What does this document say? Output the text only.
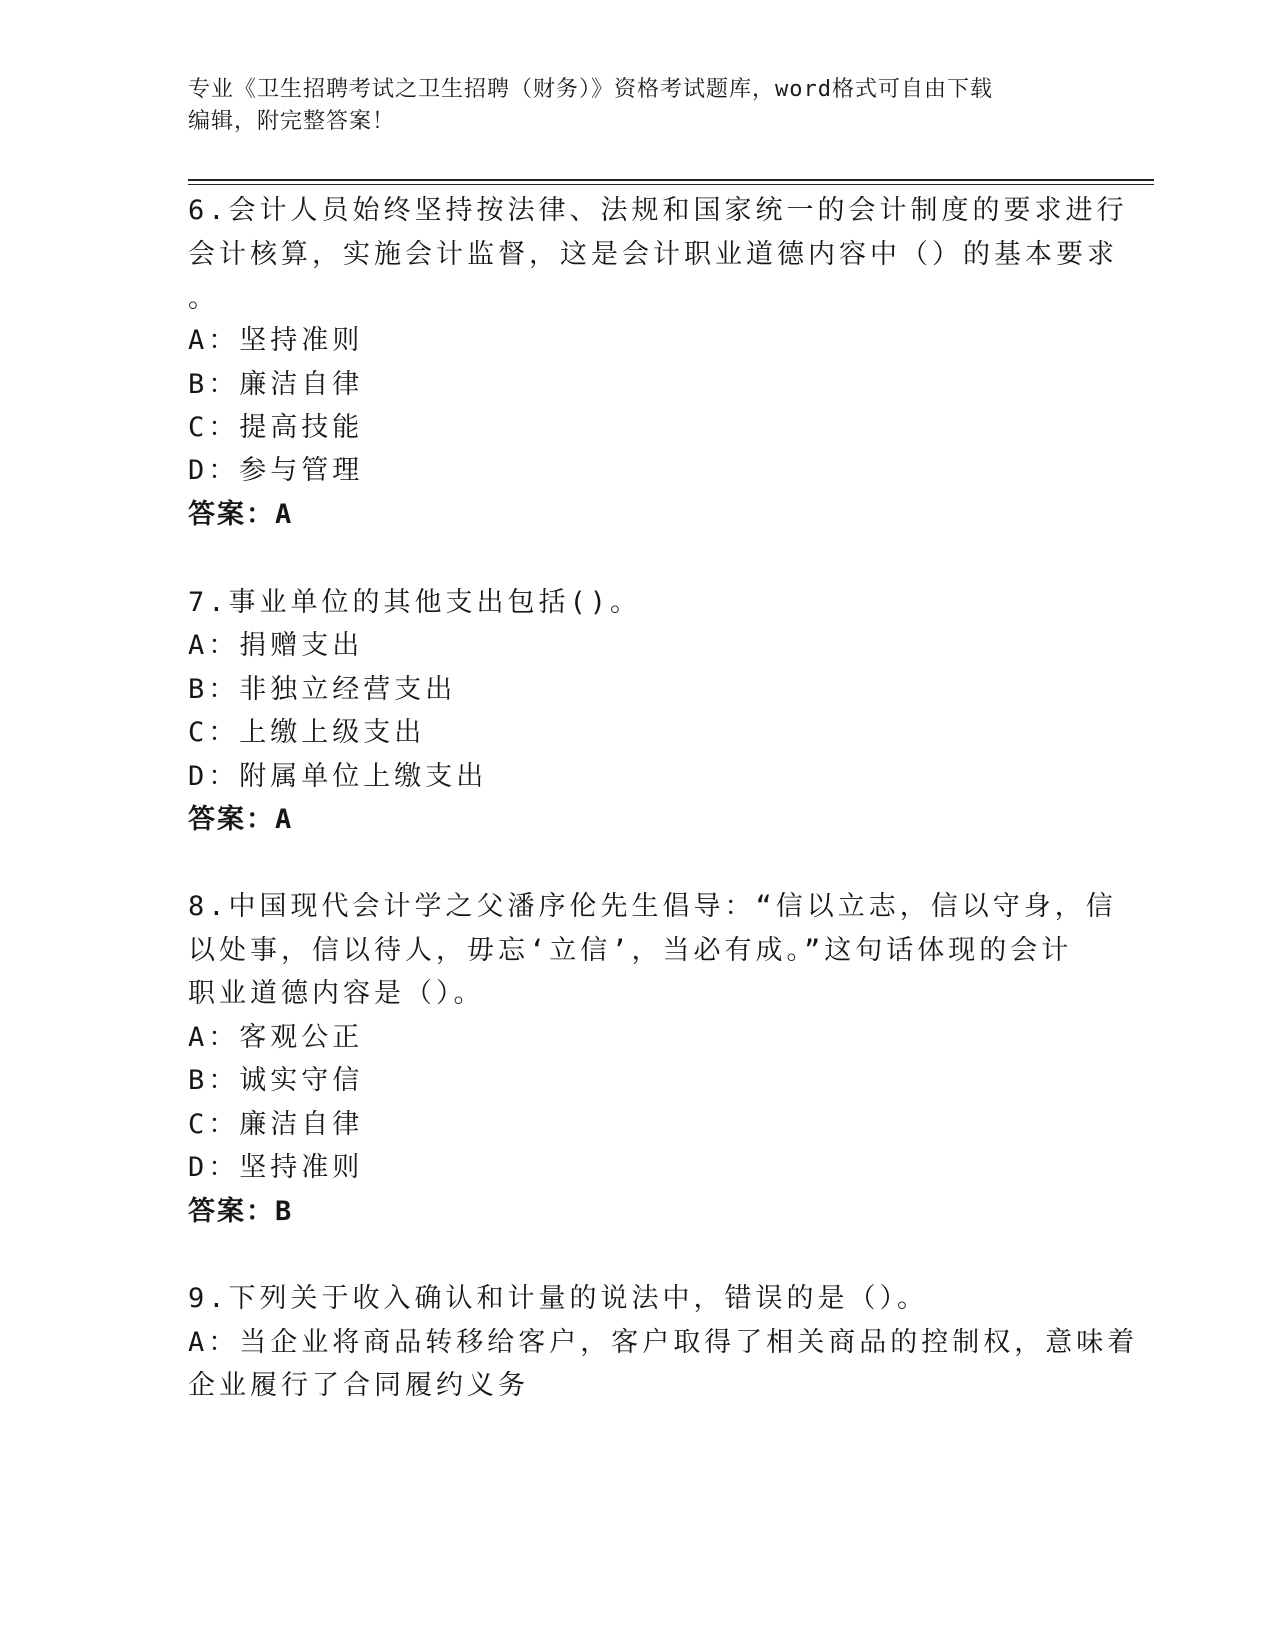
专业《卫生招聘考试之卫生招聘（财务）》资格考试题库，word格式可自由下载
编辑，附完整答案！
6.会计人员始终坚持按法律、法规和国家统一的会计制度的要求进行
会计核算，实施会计监督，这是会计职业道德内容中（）的基本要求
。
A：坚持准则
B：廉洁自律
C：提高技能
D：参与管理
答案：A
7.事业单位的其他支出包括()。
A：捐赠支出
B：非独立经营支出
C：上缴上级支出
D：附属单位上缴支出
答案：A
8.中国现代会计学之父潘序伦先生倡导：“信以立志，信以守身，信
以处事，信以待人，毋忘‘立信’，当必有成。”这句话体现的会计
职业道德内容是（）。
A：客观公正
B：诚实守信
C：廉洁自律
D：坚持准则
答案：B
9.下列关于收入确认和计量的说法中，错误的是（）。
A：当企业将商品转移给客户，客户取得了相关商品的控制权，意味着
企业履行了合同履约义务
